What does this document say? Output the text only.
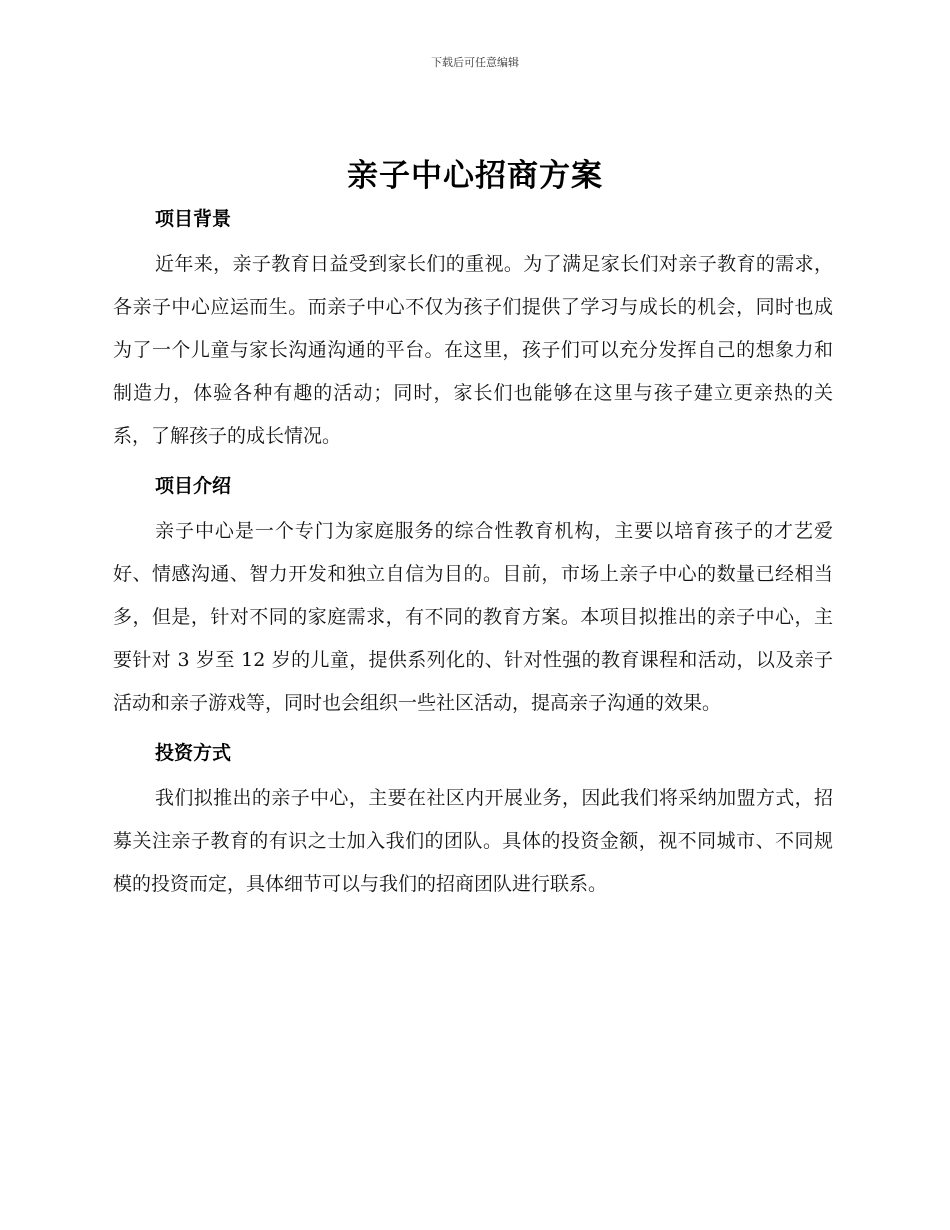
下载后可任意编辑
亲子中心招商方案
项目背景

近年来，亲子教育日益受到家长们的重视。为了满足家长们对亲子教育的需求，各亲子中心应运而生。而亲子中心不仅为孩子们提供了学习与成长的机会，同时也成为了一个儿童与家长沟通沟通的平台。在这里，孩子们可以充分发挥自己的想象力和制造力，体验各种有趣的活动；同时，家长们也能够在这里与孩子建立更亲热的关系，了解孩子的成长情况。

项目介绍

亲子中心是一个专门为家庭服务的综合性教育机构，主要以培育孩子的才艺爱好、情感沟通、智力开发和独立自信为目的。目前，市场上亲子中心的数量已经相当多，但是，针对不同的家庭需求，有不同的教育方案。本项目拟推出的亲子中心，主要针对 3 岁至 12 岁的儿童，提供系列化的、针对性强的教育课程和活动，以及亲子活动和亲子游戏等，同时也会组织一些社区活动，提高亲子沟通的效果。

投资方式

我们拟推出的亲子中心，主要在社区内开展业务，因此我们将采纳加盟方式，招募关注亲子教育的有识之士加入我们的团队。具体的投资金额，视不同城市、不同规模的投资而定，具体细节可以与我们的招商团队进行联系。
